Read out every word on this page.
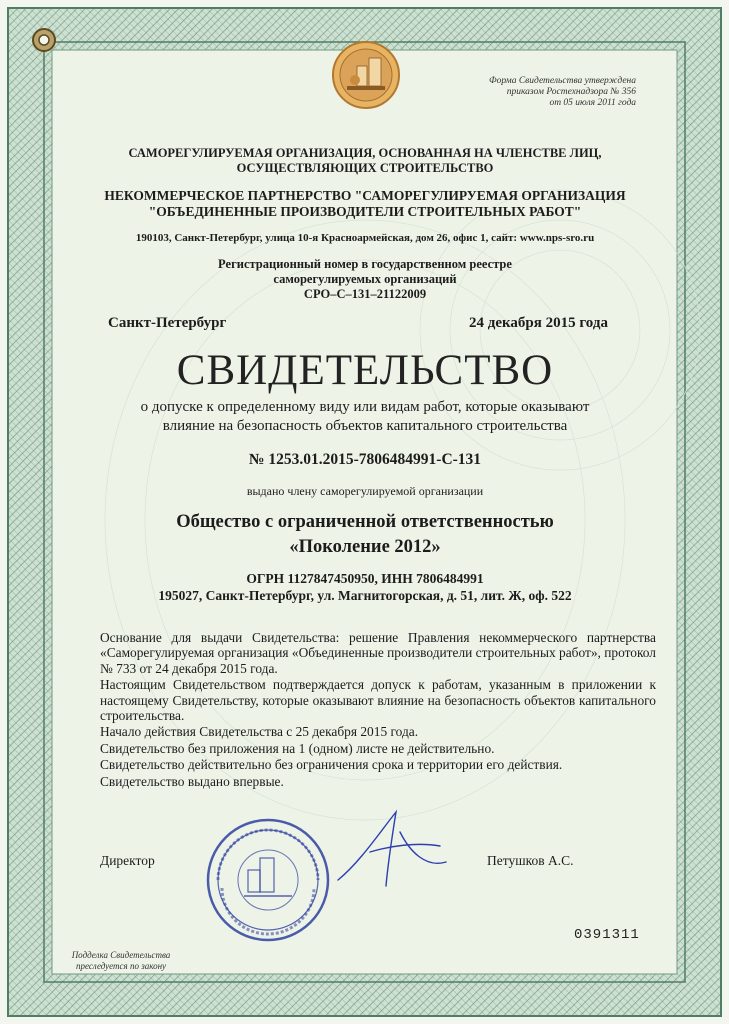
Форма Свидетельства утверждена
приказом Ростехнадзора № 356
от 05 июля 2011 года
САМОРЕГУЛИРУЕМАЯ ОРГАНИЗАЦИЯ, ОСНОВАННАЯ НА ЧЛЕНСТВЕ ЛИЦ,
ОСУЩЕСТВЛЯЮЩИХ СТРОИТЕЛЬСТВО
НЕКОММЕРЧЕСКОЕ ПАРТНЕРСТВО "САМОРЕГУЛИРУЕМАЯ ОРГАНИЗАЦИЯ
"ОБЪЕДИНЕННЫЕ ПРОИЗВОДИТЕЛИ СТРОИТЕЛЬНЫХ РАБОТ"
190103, Санкт-Петербург, улица 10-я Красноармейская, дом 26, офис 1, сайт: www.nps-sro.ru
Регистрационный номер в государственном реестре
саморегулируемых организаций
СРО–С–131–21122009
Санкт-Петербург	24 декабря 2015 года
СВИДЕТЕЛЬСТВО
о допуске к определенному виду или видам работ, которые оказывают
влияние на безопасность объектов капитального строительства
№ 1253.01.2015-7806484991-С-131
выдано члену саморегулируемой организации
Общество с ограниченной ответственностью
«Поколение 2012»
ОГРН 1127847450950, ИНН 7806484991
195027, Санкт-Петербург, ул. Магнитогорская, д. 51, лит. Ж, оф. 522

Основание для выдачи Свидетельства: решение Правления некоммерческого партнерства «Саморегулируемая организация «Объединенные производители строительных работ», протокол № 733 от 24 декабря 2015 года.

Настоящим Свидетельством подтверждается допуск к работам, указанным в приложении к настоящему Свидетельству, которые оказывают влияние на безопасность объектов капитального строительства.

Начало действия Свидетельства с 25 декабря 2015 года.

Свидетельство без приложения на 1 (одном) листе не действительно.

Свидетельство действительно без ограничения срока и территории его действия.

Свидетельство выдано впервые.

Директор	Петушков А.С.
0391311
Подделка Свидетельства
преследуется по закону
